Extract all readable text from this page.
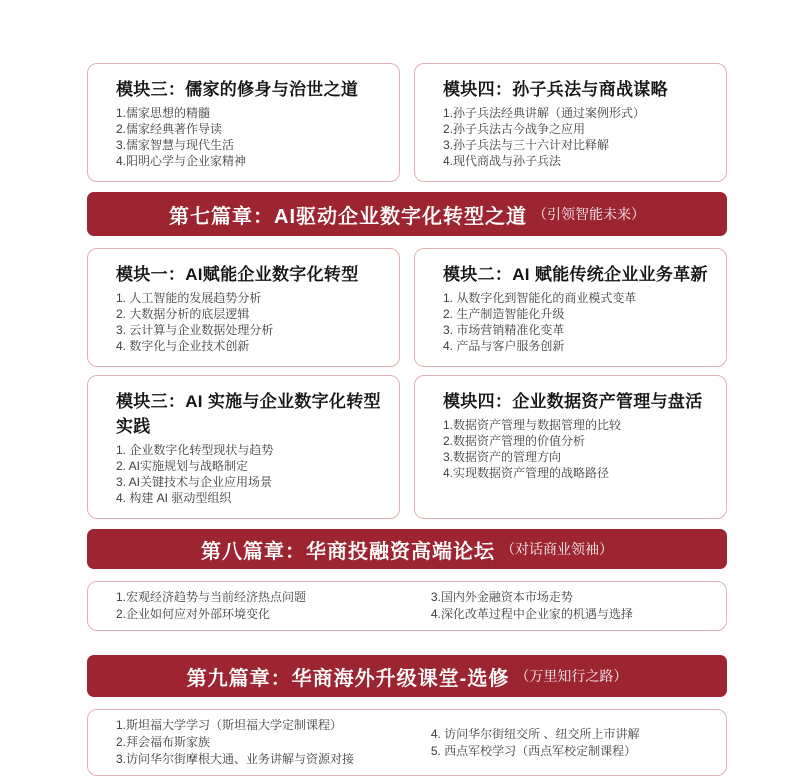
模块三：儒家的修身与治世之道
1.儒家思想的精髓
2.儒家经典著作导读
3.儒家智慧与现代生活
4.阳明心学与企业家精神
模块四：孙子兵法与商战谋略
1.孙子兵法经典讲解（通过案例形式）
2.孙子兵法古今战争之应用
3.孙子兵法与三十六计对比释解
4.现代商战与孙子兵法
第七篇章：AI驱动企业数字化转型之道 （引领智能未来）
模块一：AI赋能企业数字化转型
1. 人工智能的发展趋势分析
2. 大数据分析的底层逻辑
3. 云计算与企业数据处理分析
4. 数字化与企业技术创新
模块二：AI 赋能传统企业业务革新
1. 从数字化到智能化的商业模式变革
2. 生产制造智能化升级
3. 市场营销精准化变革
4. 产品与客户服务创新
模块三：AI 实施与企业数字化转型实践
1. 企业数字化转型现状与趋势
2. AI实施规划与战略制定
3. AI关键技术与企业应用场景
4. 构建 AI 驱动型组织
模块四：企业数据资产管理与盘活
1.数据资产管理与数据管理的比较
2.数据资产管理的价值分析
3.数据资产的管理方向
4.实现数据资产管理的战略路径
第八篇章：华商投融资高端论坛 （对话商业领袖）
1.宏观经济趋势与当前经济热点问题
2.企业如何应对外部环境变化
3.国内外金融资本市场走势
4.深化改革过程中企业家的机遇与选择
第九篇章：华商海外升级课堂-选修 （万里知行之路）
1.斯坦福大学学习（斯坦福大学定制课程）
2.拜会福布斯家族
3.访问华尔街摩根大通、业务讲解与资源对接
4. 访问华尔街纽交所 、纽交所上市讲解
5. 西点军校学习（西点军校定制课程）
